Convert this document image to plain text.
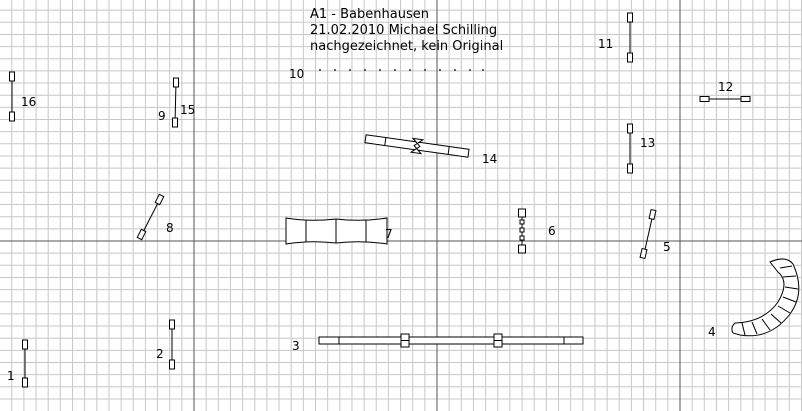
1
2
3
4
5
6
7
8
9
10
11
12
13
14
15
16
A1 - Babenhausen
21.02.2010 Michael Schilling
nachgezeichnet, kein Original
